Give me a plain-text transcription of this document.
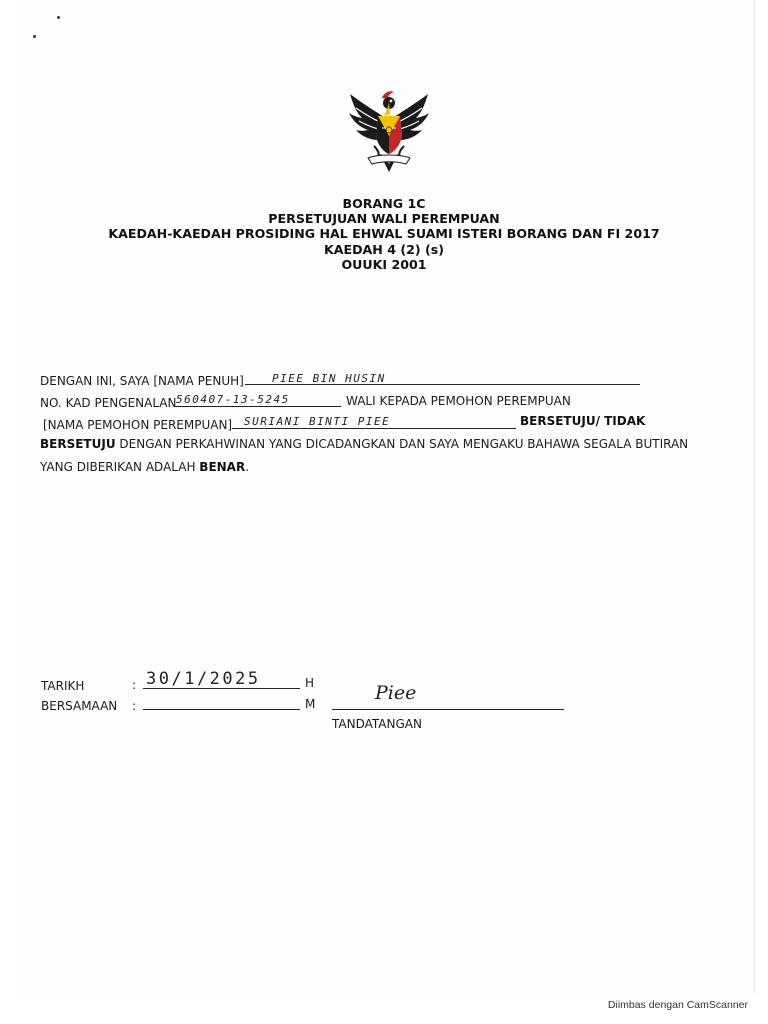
BORANG 1C
PERSETUJUAN WALI PEREMPUAN
KAEDAH-KAEDAH PROSIDING HAL EHWAL SUAMI ISTERI BORANG DAN FI 2017
KAEDAH 4 (2) (s)
OUUKI 2001
DENGAN INI, SAYA [NAMA PENUH]	PIEE BIN HUSIN
NO. KAD PENGENALAN 560407-13-5245	WALI KEPADA PEMOHON PEREMPUAN
[NAMA PEMOHON PEREMPUAN] SURIANI BINTI PIEE	BERSETUJU/ TIDAK
BERSETUJU DENGAN PERKAHWINAN YANG DICADANGKAN DAN SAYA MENGAKU BAHAWA SEGALA BUTIRAN
YANG DIBERIKAN ADALAH BENAR.
TARIKH	: 30/1/2025	H
BERSAMAAN :	M	Piee
TANDATANGAN
Diimbas dengan CamScanner
